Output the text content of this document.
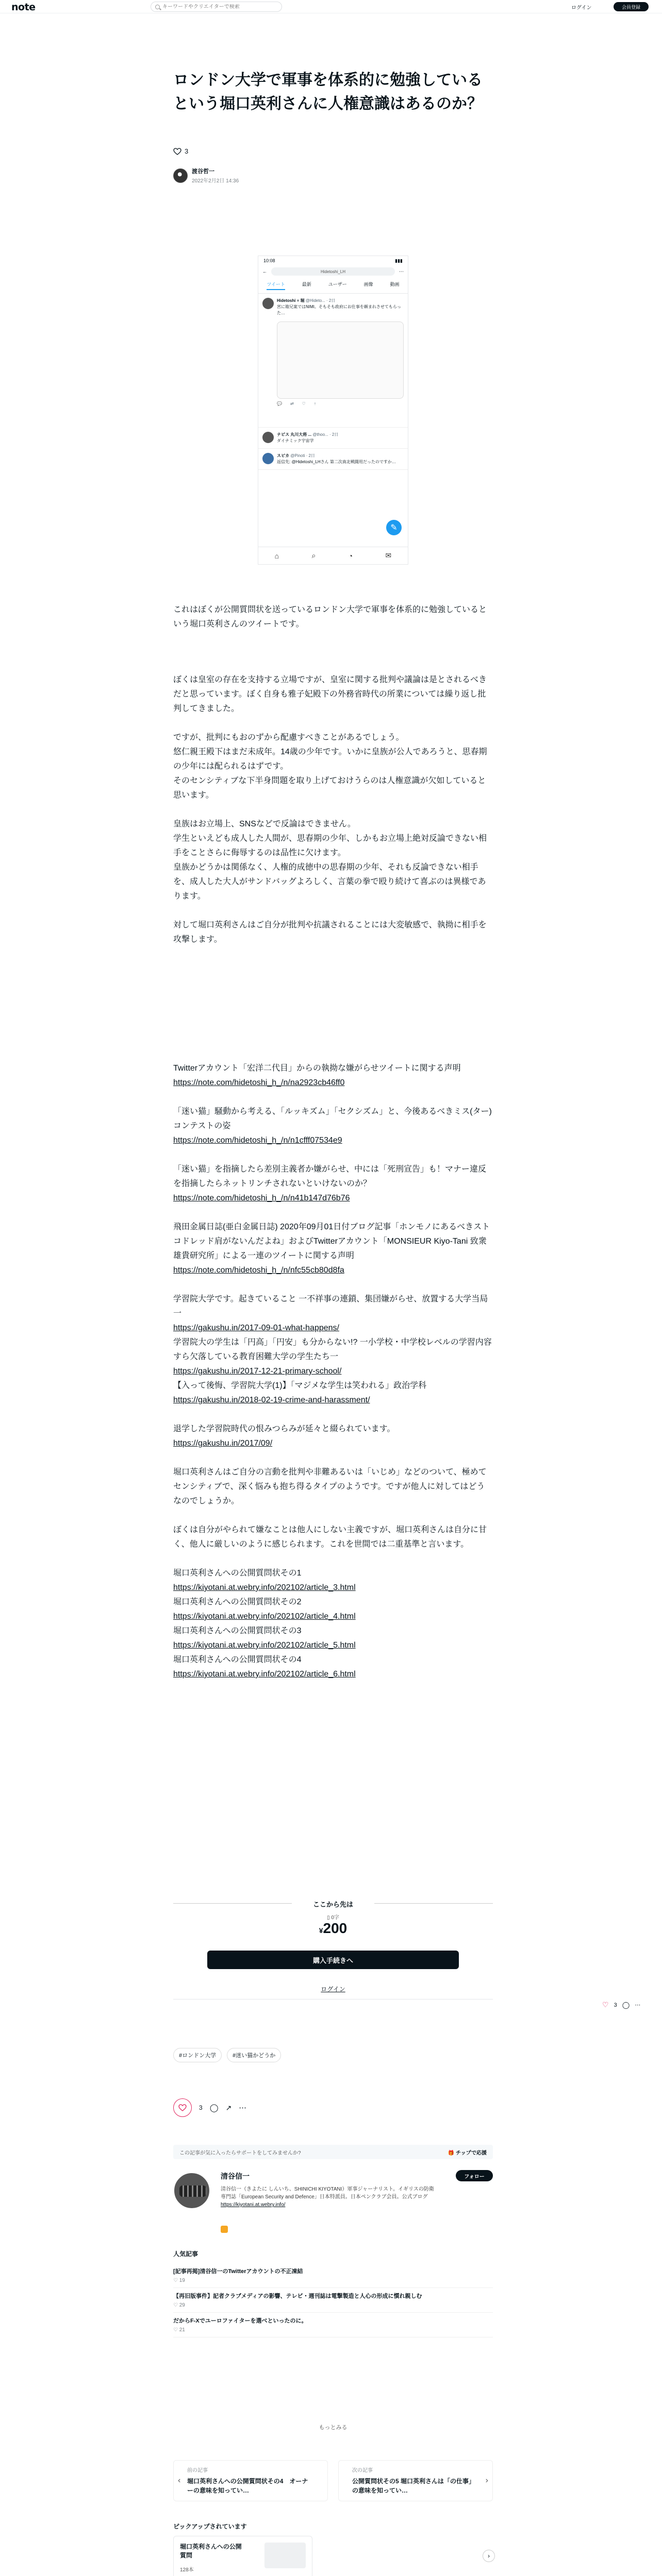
note
キーワードやクリエイターで検索	ログイン	会員登録
ロンドン大学で軍事を体系的に勉強しているという堀口英利さんに人権意識はあるのか？
3
渡谷哲一
2022年2月2日 14:36
10:08	▮▮▮
←	Hidetoshi_LH	⋯
ツイート	最新	ユーザー	画像	動画
Hidetoshi ≡ 堀 @Hideto... · 2日
宮に箱兄案ではNIMI。そもそも政府にお仕事を頼まれさせてもらった…
💬 ⇄ ♡ ↑
ナビス 丸川大将 ... @thoo... · 2日
ダイナミック宇宙学
スピカ @Pinoti · 2日
返信先: @Hidetoshi_LHさん 第二次南北戦闘用だったのですか…
✎
⌂	⌕	◔	✉

これはぼくが公開質問状を送っているロンドン大学で軍事を体系的に勉強しているという堀口英利さんのツイートです。

ぼくは皇室の存在を支持する立場ですが、皇室に関する批判や議論は是とされるべきだと思っています。ぼく自身も雅子妃殿下の外務省時代の所業については繰り返し批判してきました。

ですが、批判にもおのずから配慮すべきことがあるでしょう。
悠仁親王殿下はまだ未成年。14歳の少年です。いかに皇族が公人であろうと、思春期の少年には配られるはずです。
そのセンシティブな下半身問題を取り上げておけうらのは人権意識が欠如していると思います。

皇族はお立場上、SNSなどで反論はできません。
学生といえども成人した人間が、思春期の少年、しかもお立場上絶対反論できない相手をことさらに侮辱するのは品性に欠けます。
皇族かどうかは関係なく、人権的成徳中の思春期の少年、それも反論できない相手を、成人した大人がサンドバッグよろしく、言葉の拳で殴り続けて喜ぶのは異様であります。

対して堀口英利さんはご自分が批判や抗議されることには大変敏感で、執拗に相手を攻撃します。

Twitterアカウント「宏洋二代目」からの執拗な嫌がらせツイートに関する声明
https://note.com/hidetoshi_h_/n/na2923cb46ff0
「迷い猫」騒動から考える、「ルッキズム」「セクシズム」と、今後あるべきミス(ター)コンテストの姿
https://note.com/hidetoshi_h_/n/n1cfff07534e9
「迷い猫」を指摘したら差別主義者か嫌がらせ、中には「死刑宣告」も！マナー違反を指摘したらネットリンチされないといけないのか？
https://note.com/hidetoshi_h_/n/n41b147d76b76
飛田金属日誌(亜白金属日誌) 2020年09月01日付ブログ記事「ホンモノにあるべきストコドレッド肩がないんだよね」およびTwitterアカウント「MONSIEUR Kiyo-Tani 致衆雄貴研究所」による一連のツイートに関する声明
https://note.com/hidetoshi_h_/n/nfc55cb80d8fa
学習院大学です。起きていること 一不祥事の連鎖、集団嫌がらせ、放置する大学当局一
https://gakushu.in/2017-09-01-what-happens/
学習院大の学生は「円高」「円安」も分からない!? 一小学校・中学校レベルの学習内容すら欠落している教育困難大学の学生たち一
https://gakushu.in/2017-12-21-primary-school/
【入って後悔、学習院大学(1)】「マジメな学生は笑われる」政治学科
https://gakushu.in/2018-02-19-crime-and-harassment/
退学した学習院時代の恨みつらみが延々と綴られています。
https://gakushu.in/2017/09/
堀口英利さんはご自分の言動を批判や非難あるいは「いじめ」などのついて、極めてセンシティブで、深く悩みも抱ち得るタイプのようです。ですが他人に対してはどうなのでしょうか。
ぼくは自分がやられて嫌なことは他人にしない主義ですが、堀口英利さんは自分に甘く、他人に厳しいのように感じられます。これを世間では二重基準と言います。
堀口英利さんへの公開質問状その1
https://kiyotani.at.webry.info/202102/article_3.html
堀口英利さんへの公開質問状その2
https://kiyotani.at.webry.info/202102/article_4.html
堀口英利さんへの公開質問状その3
https://kiyotani.at.webry.info/202102/article_5.html
堀口英利さんへの公開質問状その4
https://kiyotani.at.webry.info/202102/article_6.html
ここから先は
▯ 0字
¥200
購入手続きへ
ログイン
♡ 3 ◯ ⋯
#ロンドン大学	#迷い猫かどうか
3 ◯ ↗ ⋯
この記事が気に入ったらサポートをしてみませんか?	🎁 チップで応援
清谷信一
清谷信一（きよたに しんいち、SHINICHI KIYOTANI）軍事ジャーナリスト。イギリスの防衛専門誌「European Security and Defence」日本特派員。日本ペンクラブ会員。公式ブログ
https://kiyotani.at.webry.info/
フォロー
人気記事
[記事再掲]清谷信一のTwitterアカウントの不正凍結
♡ 19
【再旧版事件】記者クラブメディアの影響、テレビ・週刊誌は電撃製造と人心の形成に慣れ親しむ
♡ 29
だからF-Xでユーロファイターを選べといったのに。
♡ 21
もっとみる
‹
前の記事
堀口英利さんへの公開質問状その4　オーナーの意味を知ってい…
›
次の記事
公開質問状その5 堀口英利さんは「の仕事」の意味を知ってい…
ピックアップされています
堀口英利さんへの公開質問
128本
›
